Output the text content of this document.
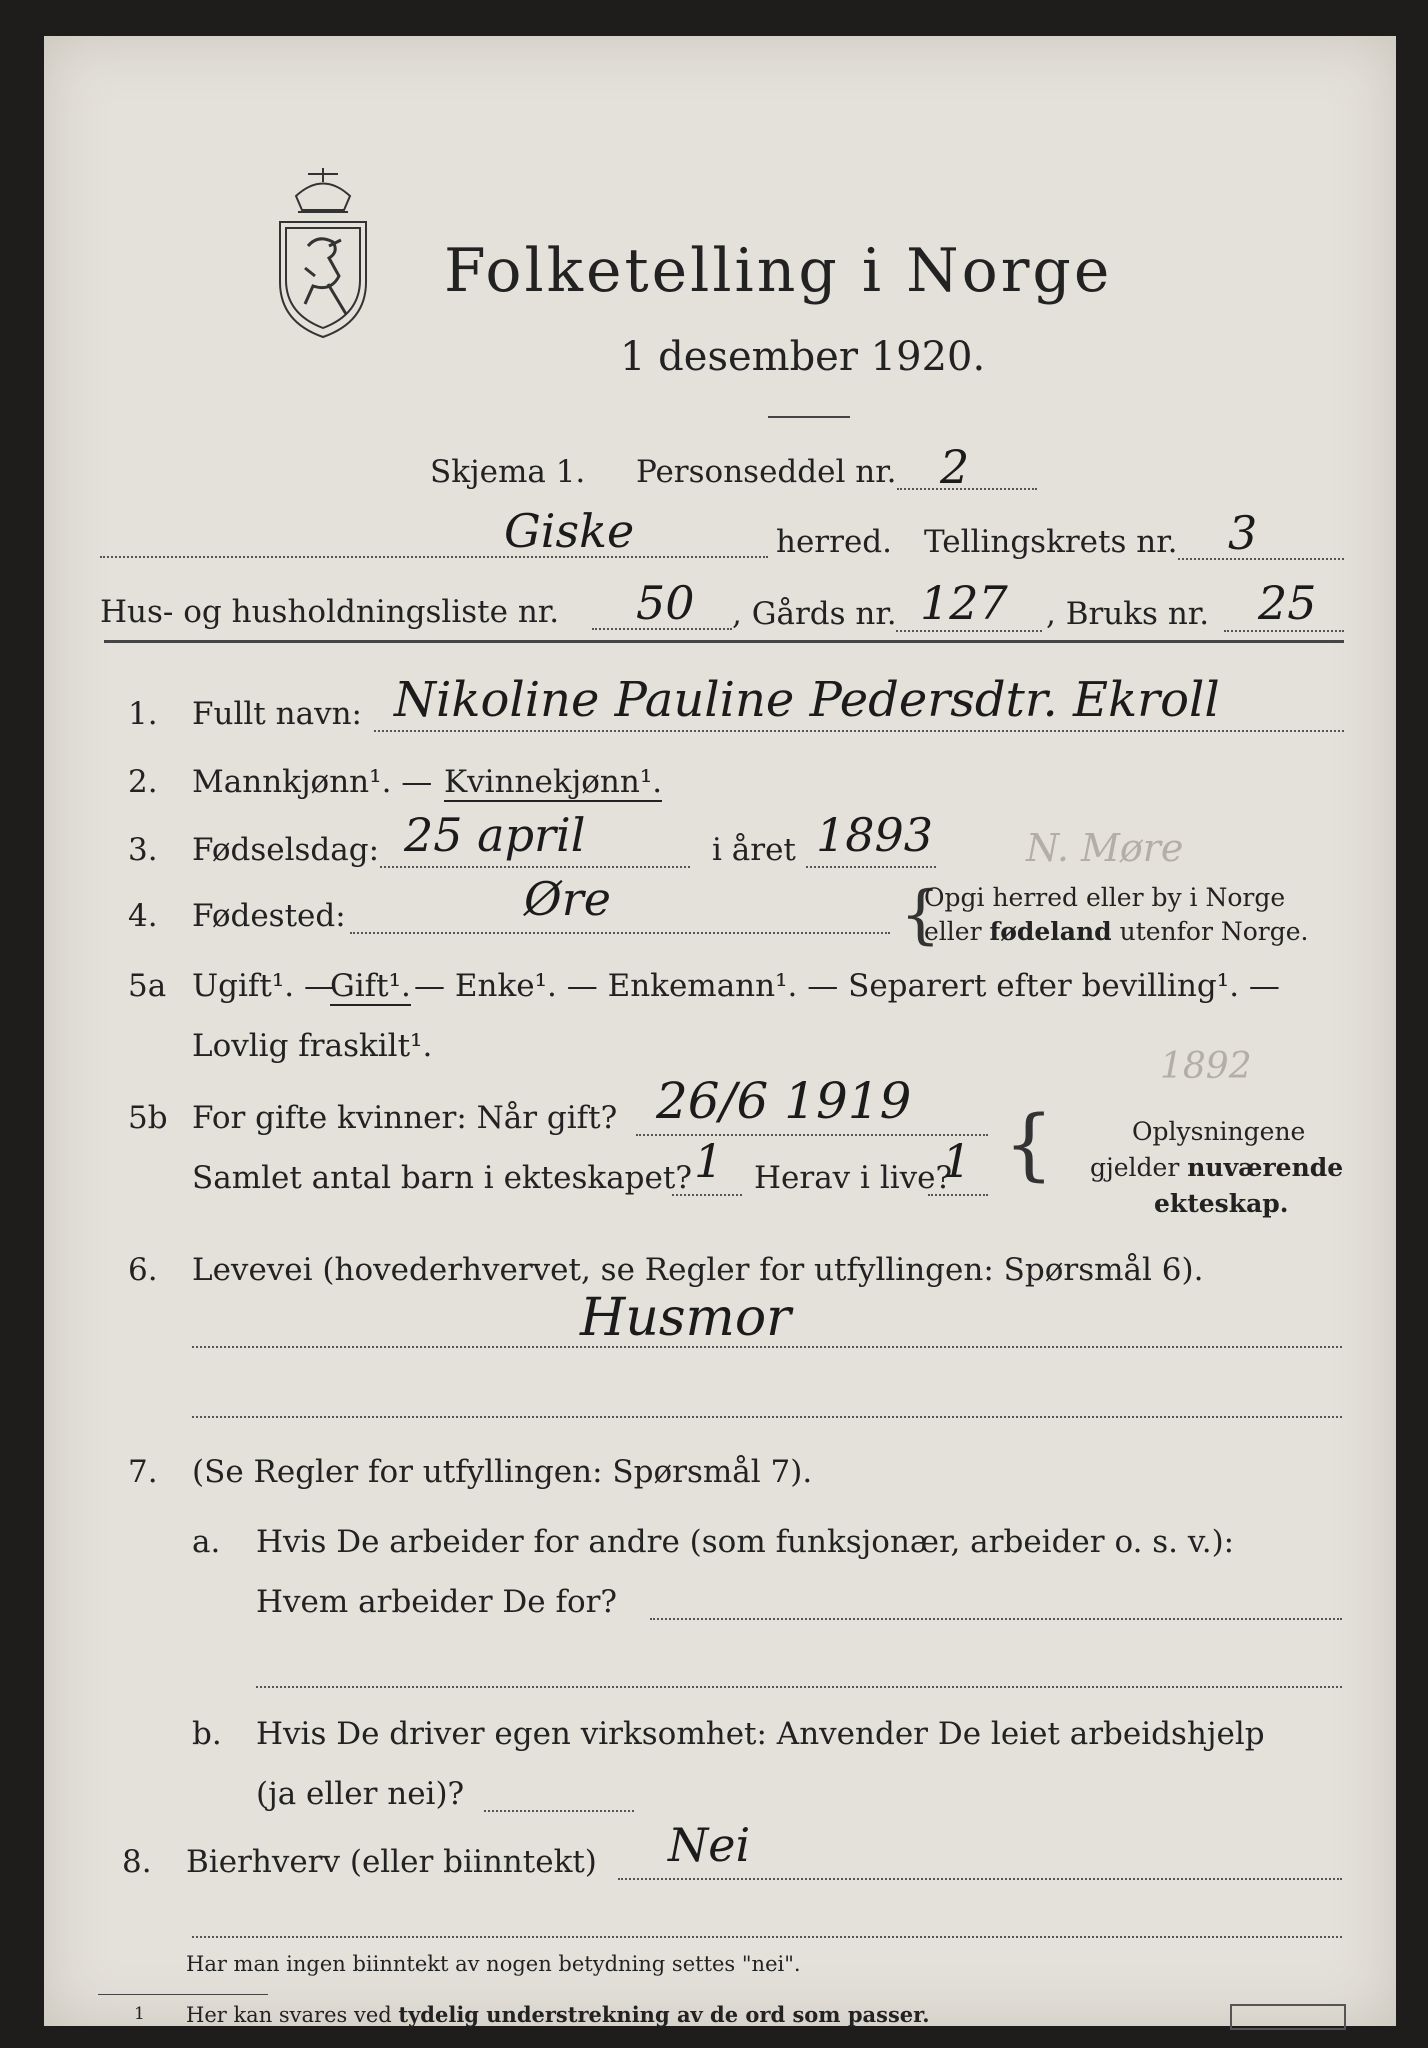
Folketelling i Norge
1 desember 1920.
Skjema 1. Personseddel nr. 2
Giske	herred. Tellingskrets nr. 3
Hus- og husholdningsliste nr. 50 , Gårds nr. 127 , Bruks nr. 25
1. Fullt navn: Nikoline Pauline Pedersdtr. Ekroll
2. Mannkjønn¹. — Kvinnekjønn¹.
3. Fødselsdag: 25 april	i året 1893 N. Møre
4. Fødested:	Øre	{
Opgi herred eller by i Norge
eller fødeland utenfor Norge.
5a Ugift¹. —
Gift¹. — Enke¹. — Enkemann¹. — Separert efter bevilling¹. —
Lovlig fraskilt¹.
5b For gifte kvinner: Når gift? 26/6 1919
1892
Samlet antal barn i ekteskapet? 1 Herav i live?
1 {	Oplysningene
gjelder nuværende
ekteskap.
6. Levevei (hovederhvervet, se Regler for utfyllingen: Spørsmål 6).
Husmor
7. (Se Regler for utfyllingen: Spørsmål 7).
a. Hvis De arbeider for andre (som funksjonær, arbeider o. s. v.):
Hvem arbeider De for?
b. Hvis De driver egen virksomhet: Anvender De leiet arbeidshjelp
(ja eller nei)?
8. Bierhverv (eller biinntekt) Nei
Har man ingen biinntekt av nogen betydning settes "nei".
1 Her kan svares ved tydelig understrekning av de ord som passer.
